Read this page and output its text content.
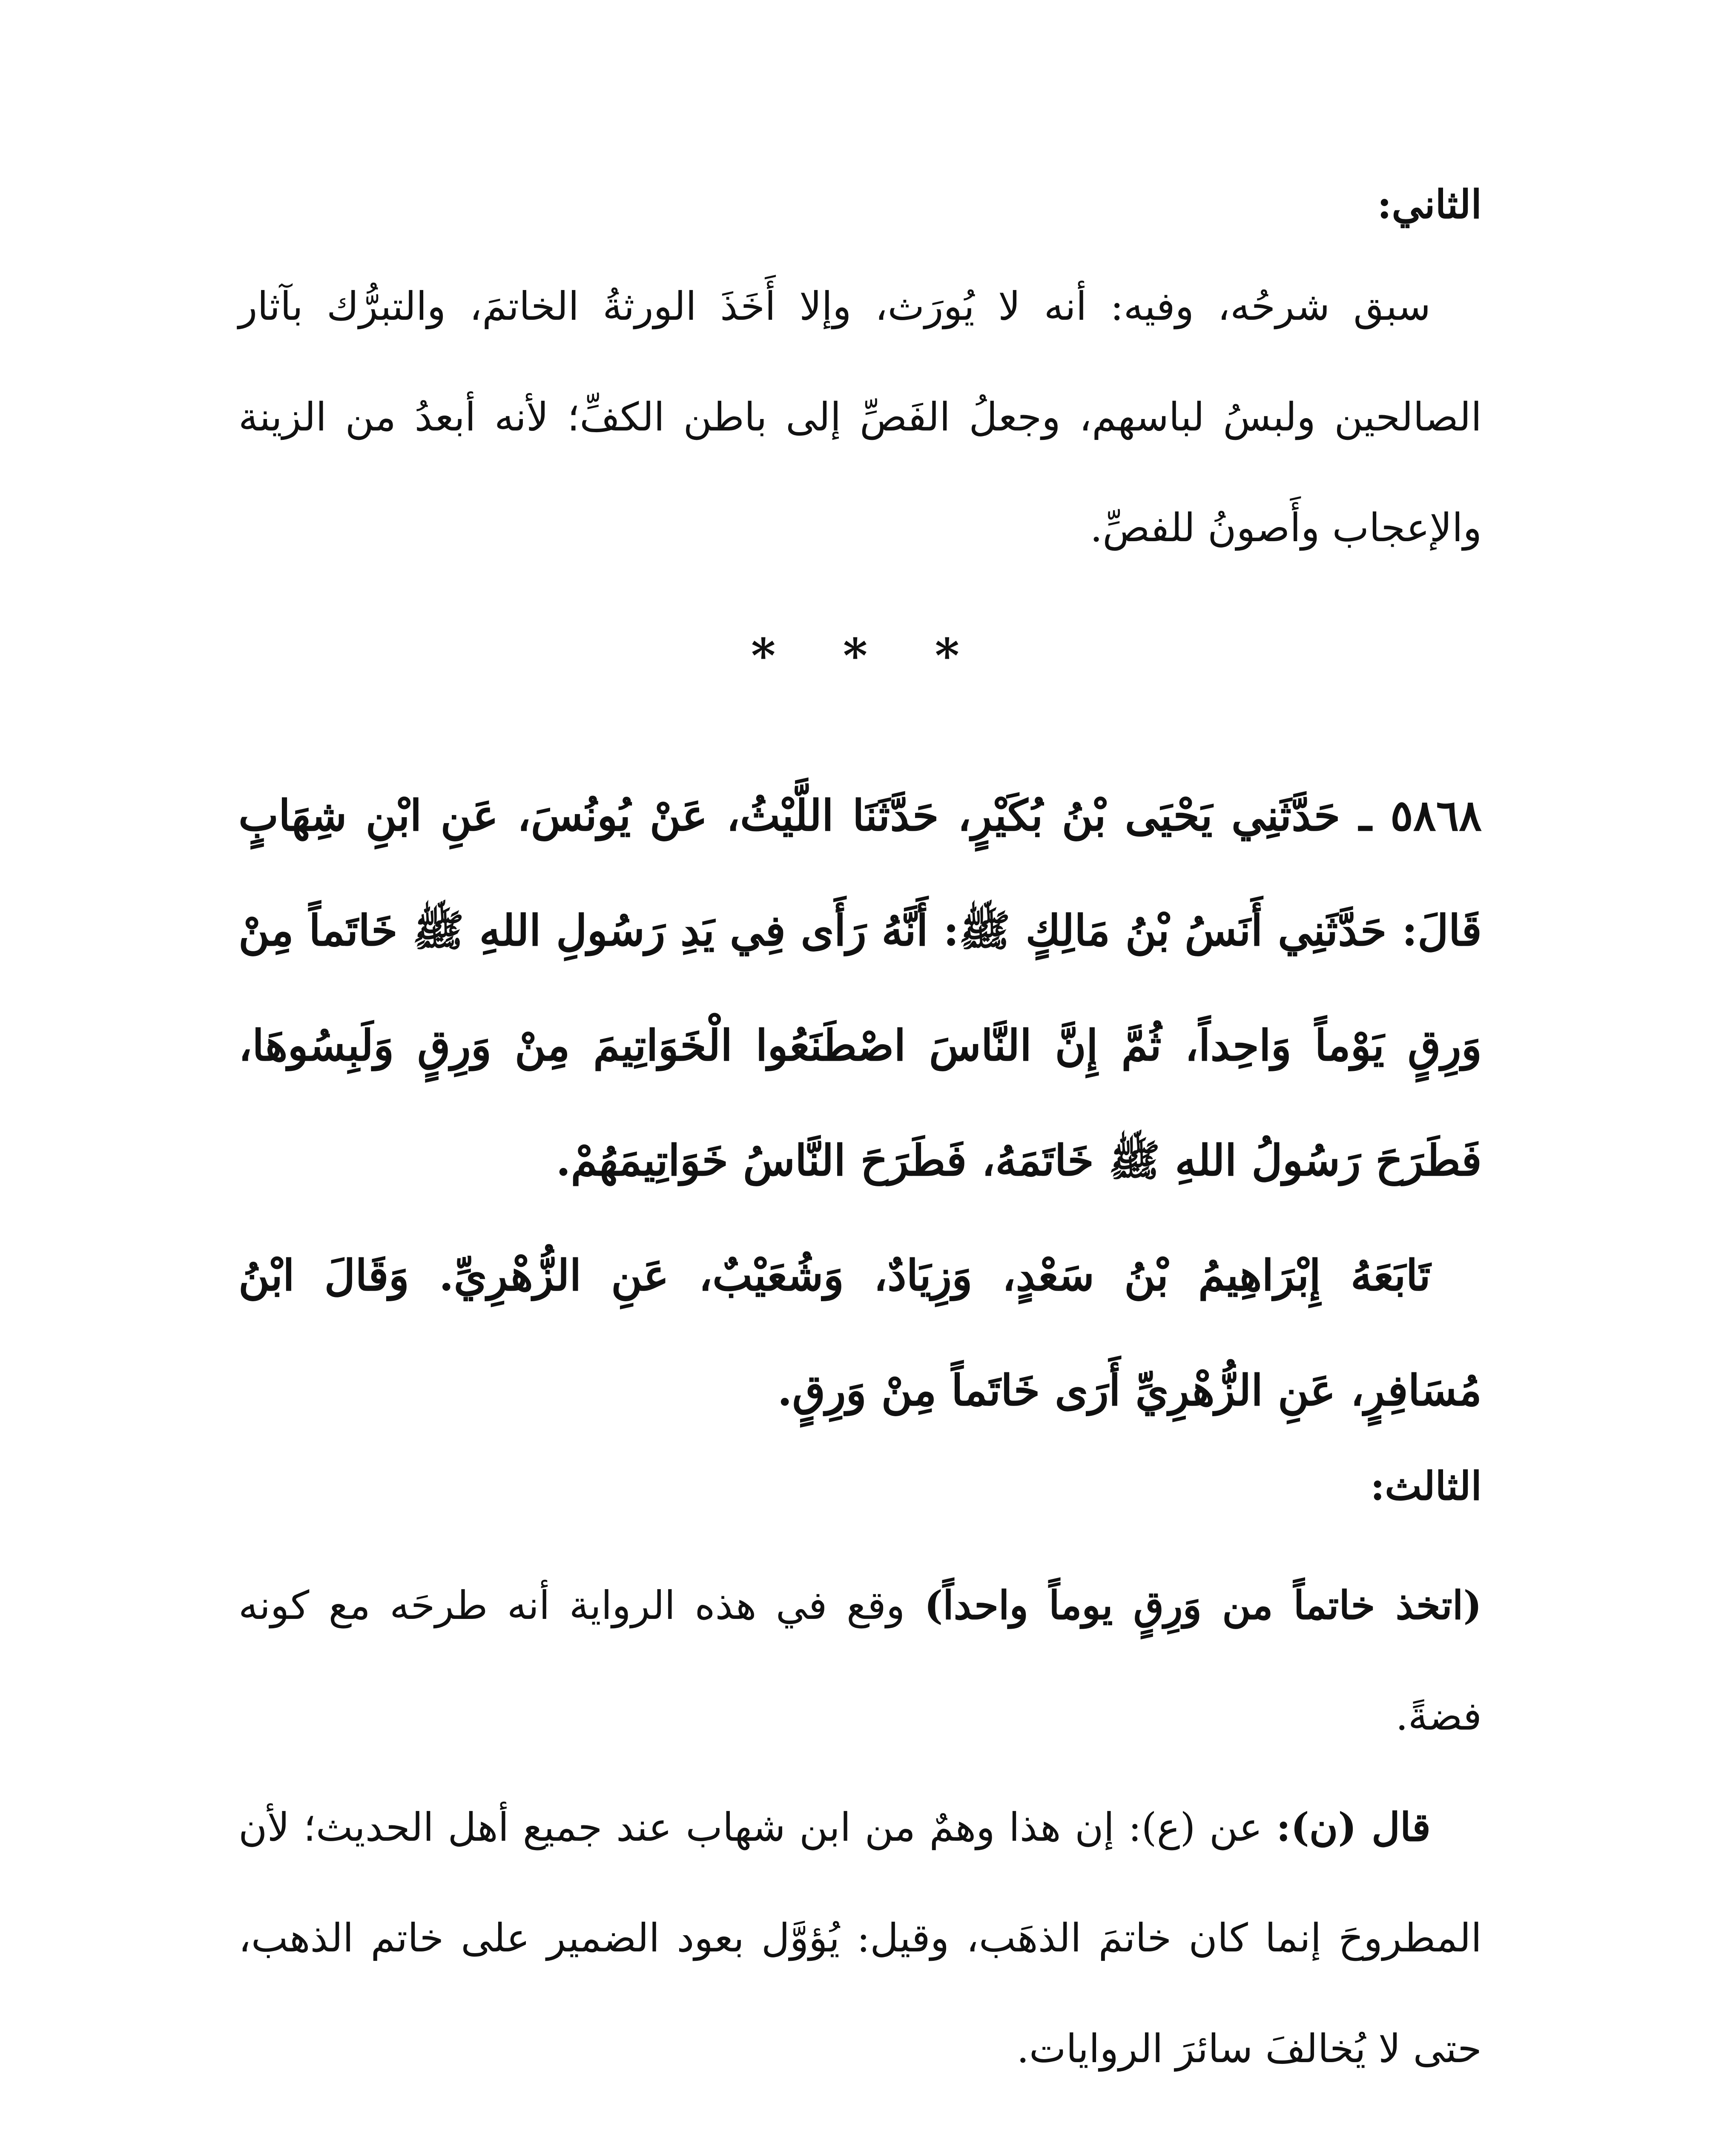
الثاني:

سبق شرحُه، وفيه: أنه لا يُورَث، وإلا أَخَذَ الورثةُ الخاتمَ، والتبرُّك بآثار الصالحين ولبسُ لباسهم، وجعلُ الفَصِّ إلى باطن الكفِّ؛ لأنه أبعدُ من الزينة والإعجاب وأَصونُ للفصِّ.

* * *

٥٨٦٨ ـ حَدَّثَنِي يَحْيَى بْنُ بُكَيْرٍ، حَدَّثَنَا اللَّيْثُ، عَنْ يُونُسَ، عَنِ ابْنِ شِهَابٍ قَالَ: حَدَّثَنِي أَنَسُ بْنُ مَالِكٍ ﷺ: أَنَّهُ رَأَى فِي يَدِ رَسُولِ اللهِ ﷺ خَاتَماً مِنْ وَرِقٍ يَوْماً وَاحِداً، ثُمَّ إِنَّ النَّاسَ اصْطَنَعُوا الْخَوَاتِيمَ مِنْ وَرِقٍ وَلَبِسُوهَا، فَطَرَحَ رَسُولُ اللهِ ﷺ خَاتَمَهُ، فَطَرَحَ النَّاسُ خَوَاتِيمَهُمْ.

تَابَعَهُ إِبْرَاهِيمُ بْنُ سَعْدٍ، وَزِيَادٌ، وَشُعَيْبٌ، عَنِ الزُّهْرِيِّ. وَقَالَ ابْنُ مُسَافِرٍ، عَنِ الزُّهْرِيِّ أَرَى خَاتَماً مِنْ وَرِقٍ.

الثالث:

(اتخذ خاتماً من وَرِقٍ يوماً واحداً) وقع في هذه الرواية أنه طرحَه مع كونه فضةً.

قال (ن): عن (ع): إن هذا وهمٌ من ابن شهاب عند جميع أهل الحديث؛ لأن المطروحَ إنما كان خاتمَ الذهَب، وقيل: يُؤوَّل بعود الضمير على خاتم الذهب، حتى لا يُخالفَ سائرَ الروايات.
